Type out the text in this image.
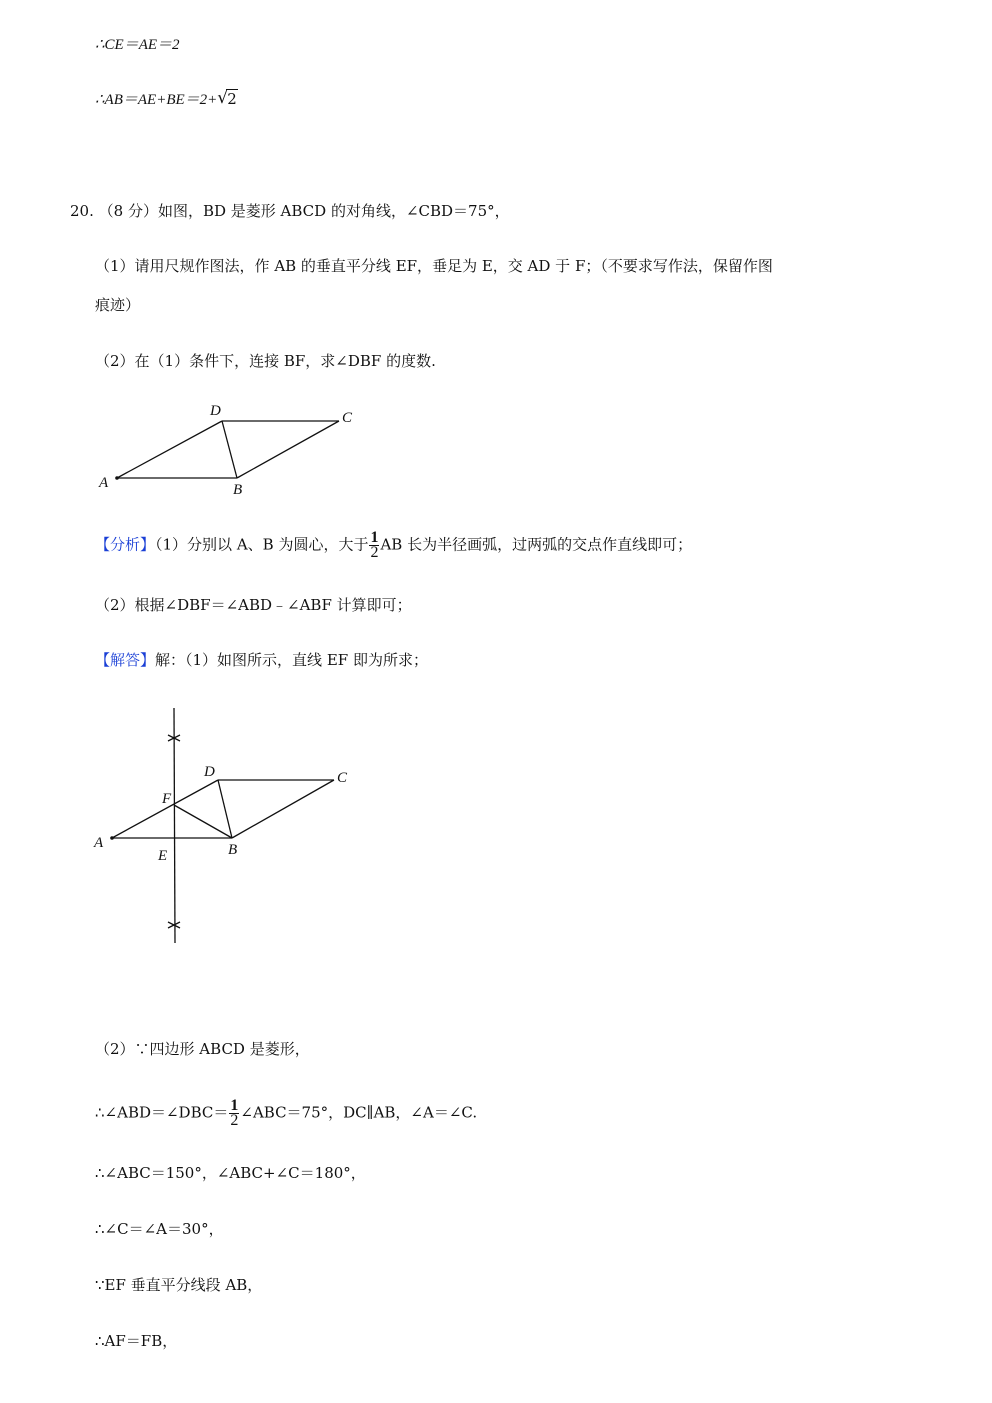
∴CE＝AE＝2
∴AB＝AE+BE＝2+ √ 2
20. （8 分）如图，BD 是菱形 ABCD 的对角线，∠CBD＝75°，
（1）请用尺规作图法，作 AB 的垂直平分线 EF，垂足为 E，交 AD 于 F；（不要求写作法，保留作图
痕迹）
（2）在（1）条件下，连接 BF，求∠DBF 的度数.
A	B
C
D
【分析】（1）分别以 A、B 为圆心，大于 $\frac{1}{2}$ AB 长为半径画弧，过两弧的交点作直线即可；
（2）根据∠DBF＝∠ABD﹣∠ABF 计算即可；
【解答】解：（1）如图所示，直线 EF 即为所求；
A	B
C
D
E
F
（2）∵四边形 ABCD 是菱形，
∴∠ABD＝∠DBC＝ $\frac{1}{2}$ ∠ABC＝75°，DC∥AB，∠A＝∠C.
∴∠ABC＝150°，∠ABC+∠C＝180°，
∴∠C＝∠A＝30°，
∵EF 垂直平分线段 AB，
∴AF＝FB，
